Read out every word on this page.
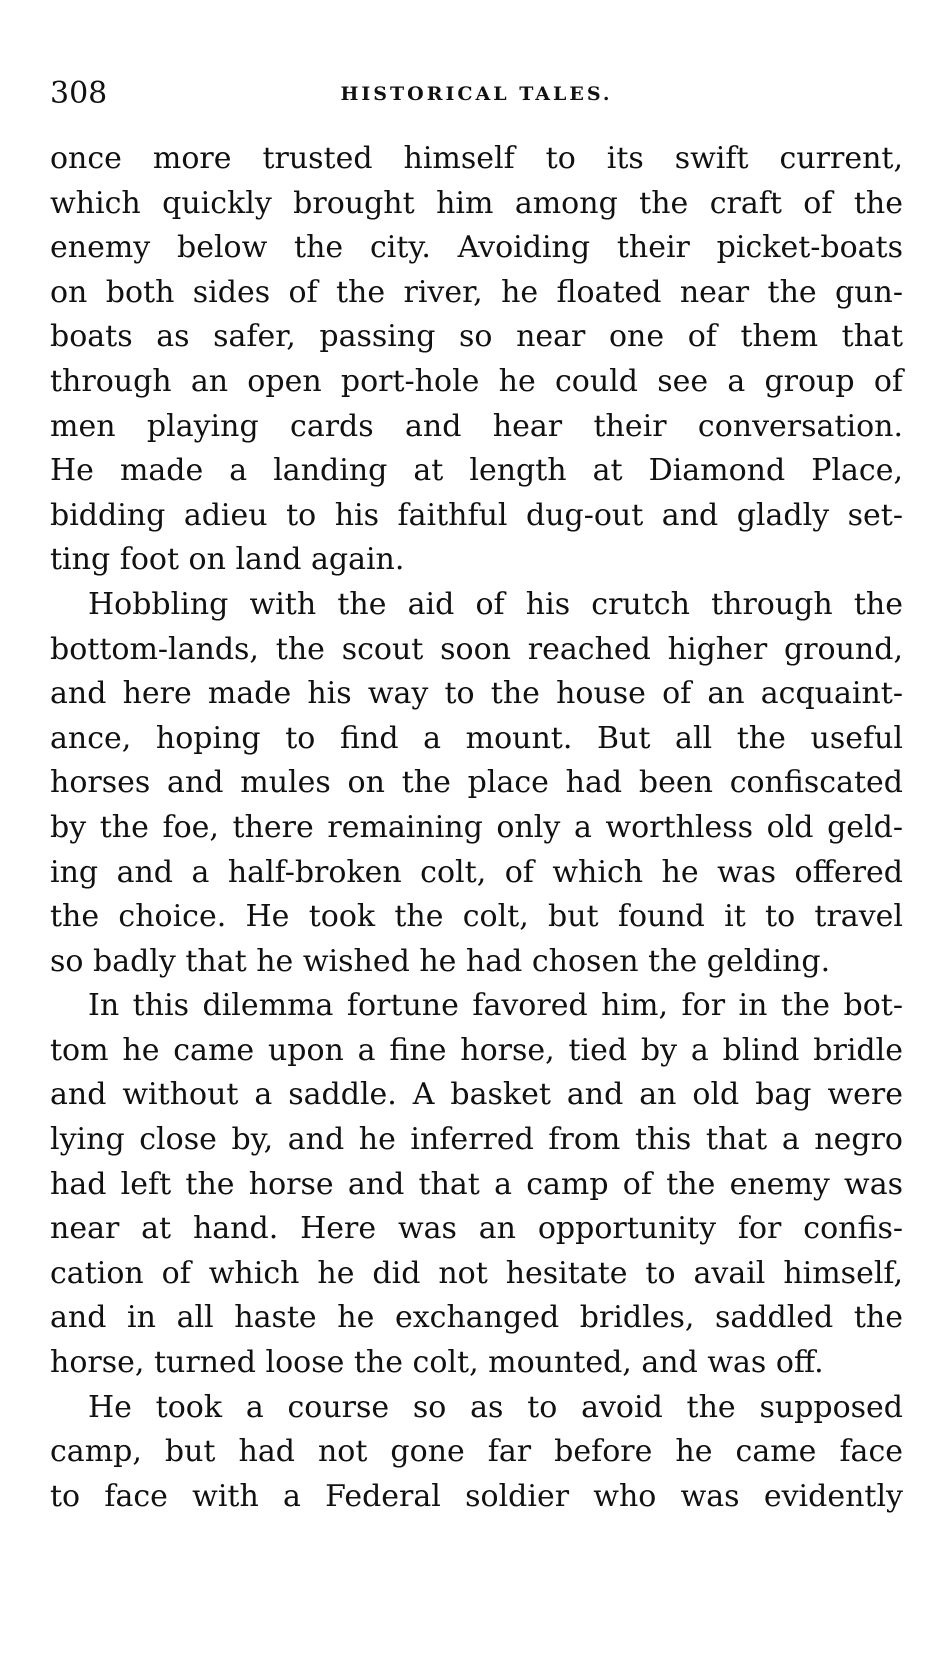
308	HISTORICAL TALES.
once more trusted himself to its swift current,
which quickly brought him among the craft of the
enemy below the city. Avoiding their picket-boats
on both sides of the river, he floated near the gun-
boats as safer, passing so near one of them that
through an open port-hole he could see a group of
men playing cards and hear their conversation.
He made a landing at length at Diamond Place,
bidding adieu to his faithful dug-out and gladly set-
ting foot on land again.
Hobbling with the aid of his crutch through the
bottom-lands, the scout soon reached higher ground,
and here made his way to the house of an acquaint-
ance, hoping to find a mount. But all the useful
horses and mules on the place had been confiscated
by the foe, there remaining only a worthless old geld-
ing and a half-broken colt, of which he was offered
the choice. He took the colt, but found it to travel
so badly that he wished he had chosen the gelding.
In this dilemma fortune favored him, for in the bot-
tom he came upon a fine horse, tied by a blind bridle
and without a saddle. A basket and an old bag were
lying close by, and he inferred from this that a negro
had left the horse and that a camp of the enemy was
near at hand. Here was an opportunity for confis-
cation of which he did not hesitate to avail himself,
and in all haste he exchanged bridles, saddled the
horse, turned loose the colt, mounted, and was off.
He took a course so as to avoid the supposed
camp, but had not gone far before he came face
to face with a Federal soldier who was evidently
